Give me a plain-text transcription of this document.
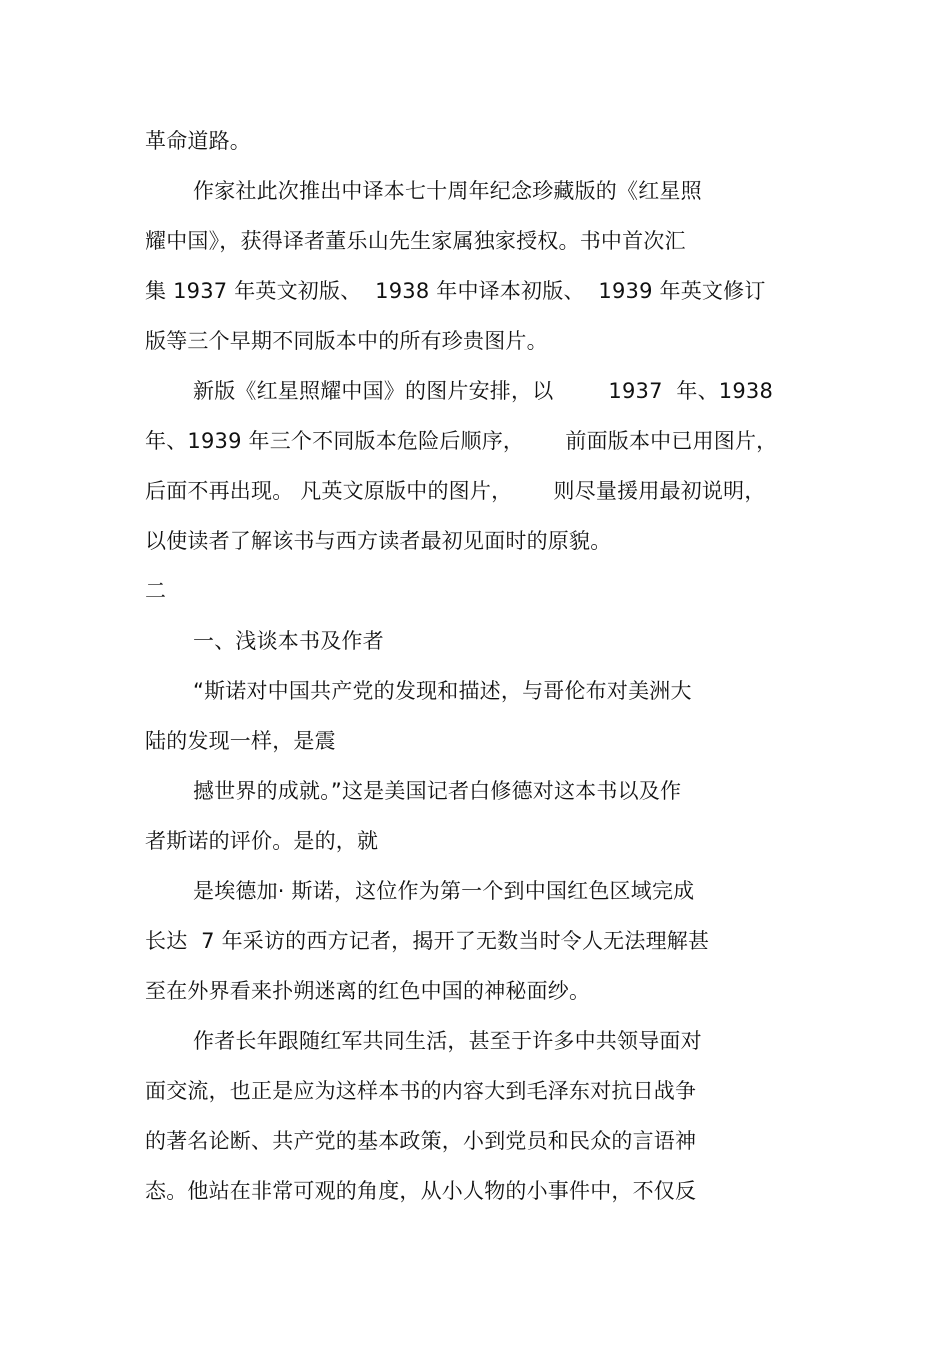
革命道路。
作家社此次推出中译本七十周年纪念珍藏版的《红星照
耀中国》，获得译者董乐山先生家属独家授权。书中首次汇
集 1937 年英文初版、  1938 年中译本初版、  1939 年英文修订
版等三个早期不同版本中的所有珍贵图片。
新版《红星照耀中国》的图片安排，以        1937  年、1938
年、1939 年三个不同版本危险后顺序，      前面版本中已用图片，
后面不再出现。 凡英文原版中的图片，      则尽量援用最初说明，
以使读者了解该书与西方读者最初见面时的原貌。
二
一、浅谈本书及作者
“斯诺对中国共产党的发现和描述，与哥伦布对美洲大
陆的发现一样，是震
撼世界的成就。”这是美国记者白修德对这本书以及作
者斯诺的评价。是的，就
是埃德加· 斯诺，这位作为第一个到中国红色区域完成
长达  7 年采访的西方记者，揭开了无数当时令人无法理解甚
至在外界看来扑朔迷离的红色中国的神秘面纱。
作者长年跟随红军共同生活，甚至于许多中共领导面对
面交流，也正是应为这样本书的内容大到毛泽东对抗日战争
的著名论断、共产党的基本政策，小到党员和民众的言语神
态。他站在非常可观的角度，从小人物的小事件中，不仅反
